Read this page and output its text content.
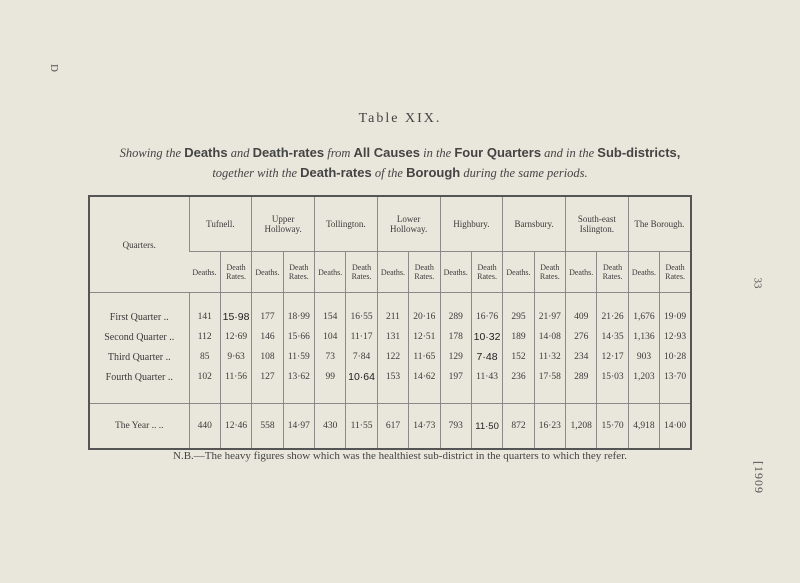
D
33
[1909
Table XIX.
Showing the Deaths and Death-rates from All Causes in the Four Quarters and in the Sub-districts,
together with the Death-rates of the Borough during the same periods.
Quarters.	Tufnell.		Upper Holloway.		Tollington.		Lower Holloway.		Highbury.		Barnsbury.		South-east Islington.		The Borough.	
	Deaths.	Death Rates.	Deaths.	Death Rates.	Deaths.	Death Rates.	Deaths.	Death Rates.	Deaths.	Death Rates.	Deaths.	Death Rates.	Deaths.	Death Rates.	Deaths.	Death Rates.
First Quarter ..	141	15·98	177	18·99	154	16·55	211	20·16	289	16·76	295	21·97	409	21·26	1,676	19·09
Second Quarter ..	112	12·69	146	15·66	104	11·17	131	12·51	178	10·32	189	14·08	276	14·35	1,136	12·93
Third Quarter ..	85	9·63	108	11·59	73	7·84	122	11·65	129	7·48	152	11·32	234	12·17	903	10·28
Fourth Quarter ..	102	11·56	127	13·62	99	10·64	153	14·62	197	11·43	236	17·58	289	15·03	1,203	13·70
The Year .. ..	440	12·46	558	14·97	430	11·55	617	14·73	793	11·50	872	16·23	1,208	15·70	4,918	14·00
N.B.—The heavy figures show which was the healthiest sub-district in the quarters to which they refer.
